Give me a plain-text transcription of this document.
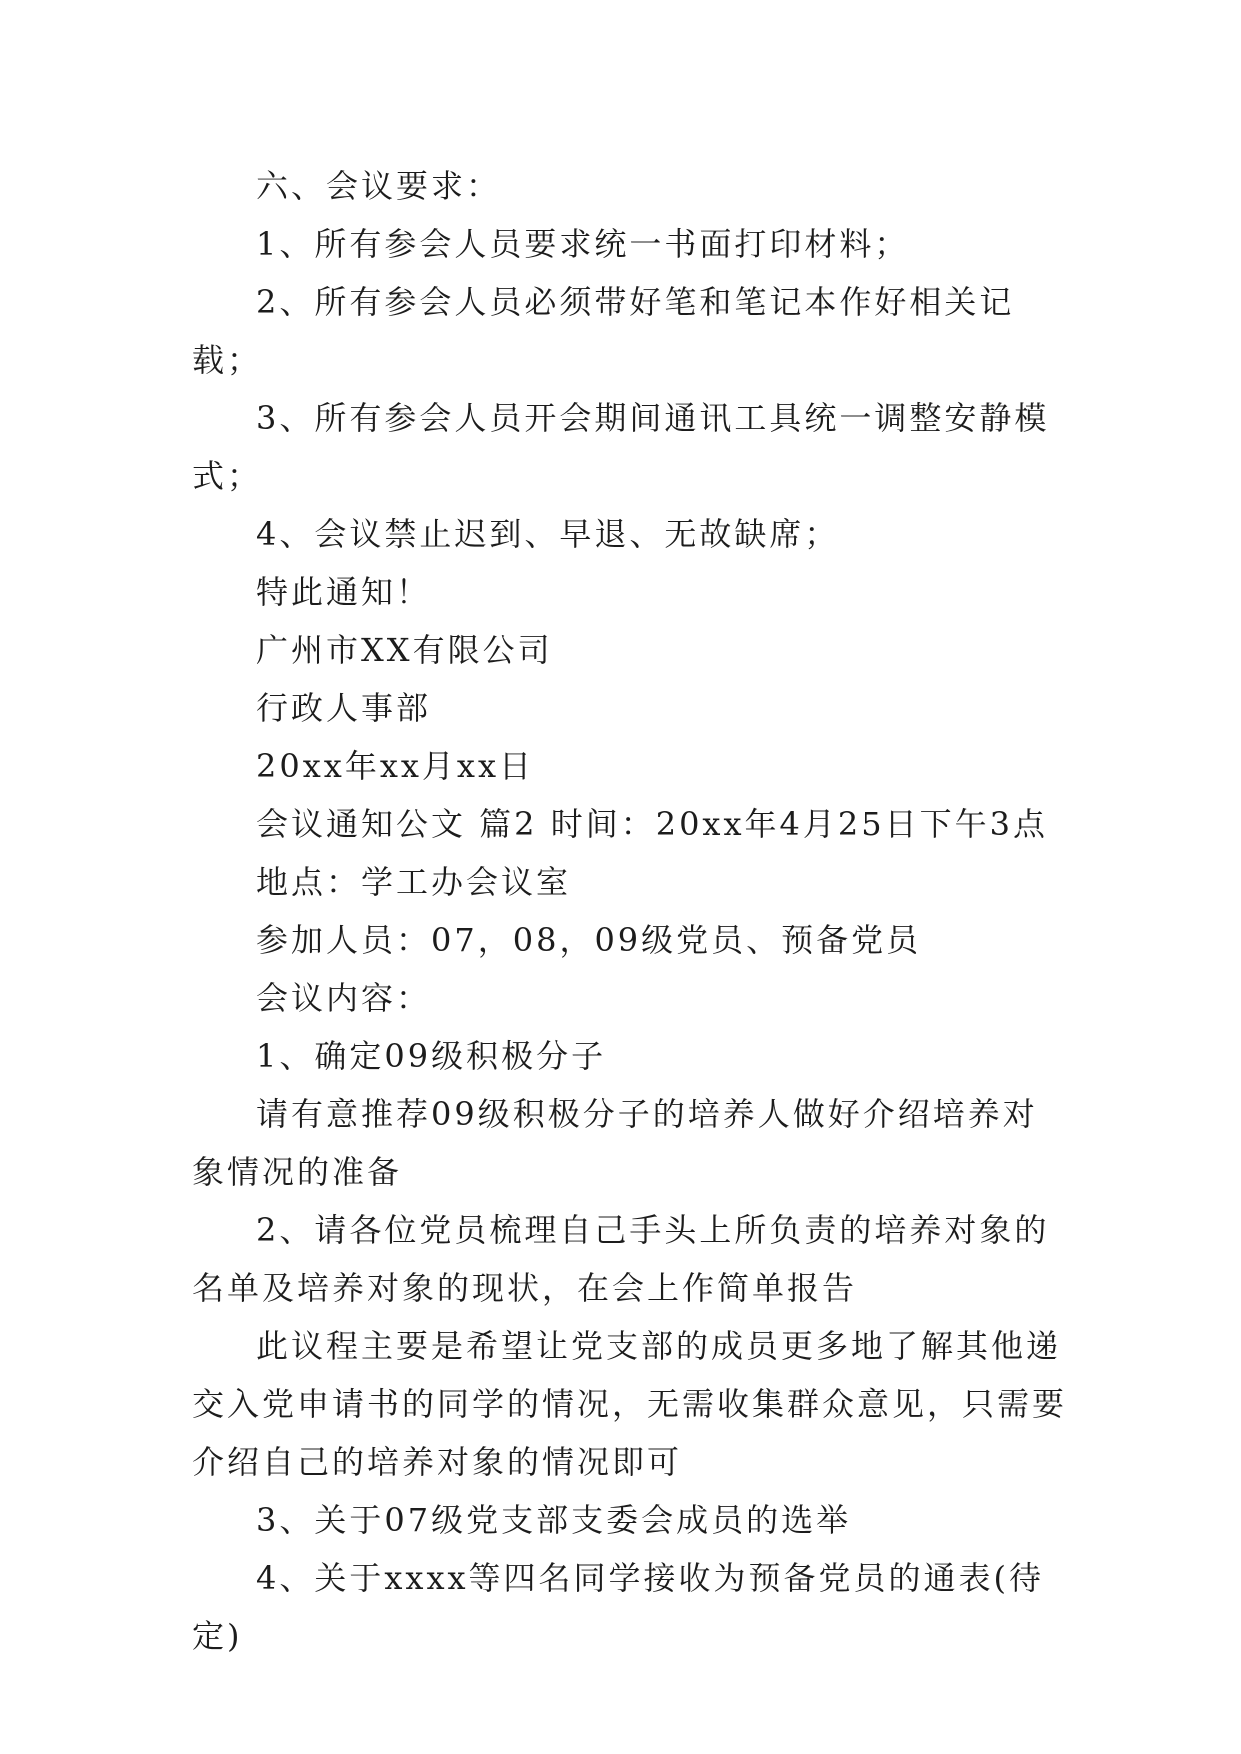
六、会议要求：

1、所有参会人员要求统一书面打印材料；

2、所有参会人员必须带好笔和笔记本作好相关记载；

3、所有参会人员开会期间通讯工具统一调整安静模式；

4、会议禁止迟到、早退、无故缺席；

特此通知！

广州市XX有限公司

行政人事部

20xx年xx月xx日

会议通知公文 篇2 时间：20xx年4月25日下午3点

地点：学工办会议室

参加人员：07，08，09级党员、预备党员

会议内容：

1、确定09级积极分子

请有意推荐09级积极分子的培养人做好介绍培养对象情况的准备

2、请各位党员梳理自己手头上所负责的培养对象的名单及培养对象的现状，在会上作简单报告

此议程主要是希望让党支部的成员更多地了解其他递交入党申请书的同学的情况，无需收集群众意见，只需要介绍自己的培养对象的情况即可

3、关于07级党支部支委会成员的选举

4、关于xxxx等四名同学接收为预备党员的通表(待定)
